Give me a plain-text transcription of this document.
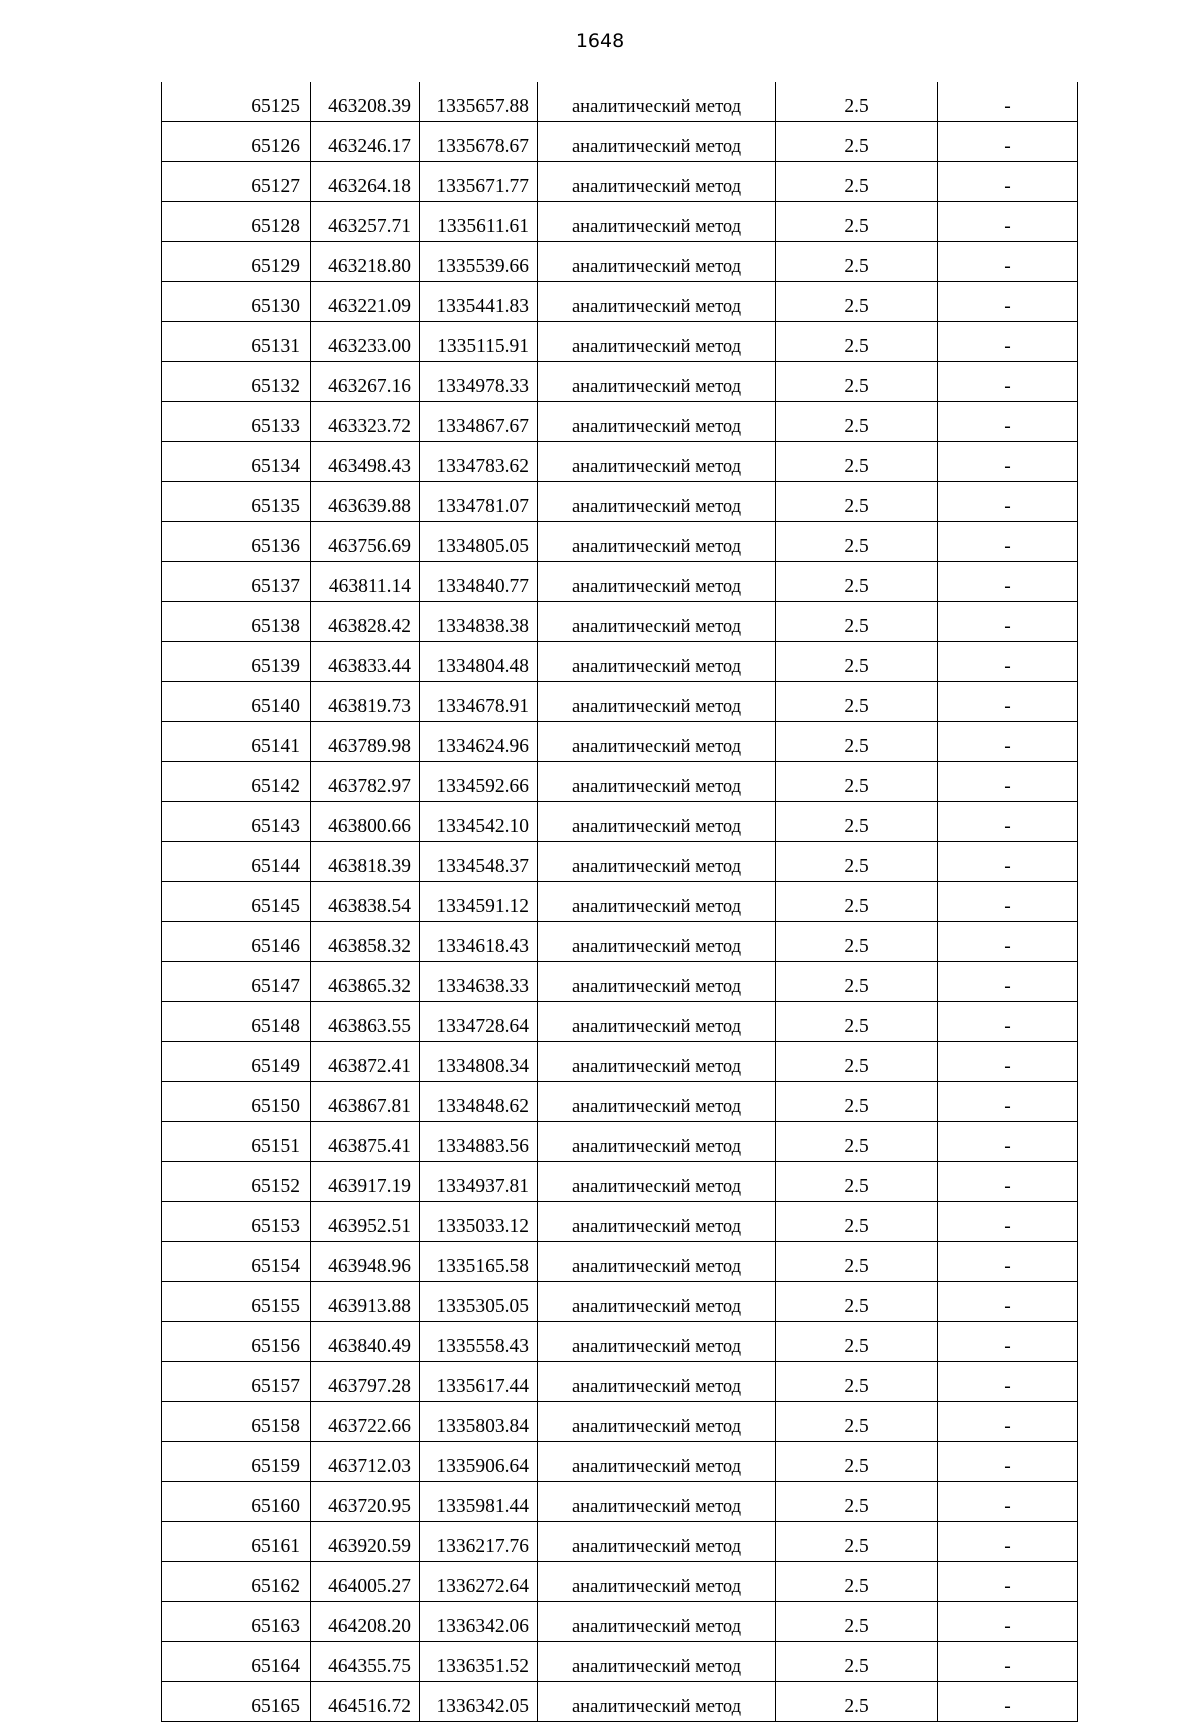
1648
65125	463208.39	1335657.88	аналитический метод	2.5	-
65126	463246.17	1335678.67	аналитический метод	2.5	-
65127	463264.18	1335671.77	аналитический метод	2.5	-
65128	463257.71	1335611.61	аналитический метод	2.5	-
65129	463218.80	1335539.66	аналитический метод	2.5	-
65130	463221.09	1335441.83	аналитический метод	2.5	-
65131	463233.00	1335115.91	аналитический метод	2.5	-
65132	463267.16	1334978.33	аналитический метод	2.5	-
65133	463323.72	1334867.67	аналитический метод	2.5	-
65134	463498.43	1334783.62	аналитический метод	2.5	-
65135	463639.88	1334781.07	аналитический метод	2.5	-
65136	463756.69	1334805.05	аналитический метод	2.5	-
65137	463811.14	1334840.77	аналитический метод	2.5	-
65138	463828.42	1334838.38	аналитический метод	2.5	-
65139	463833.44	1334804.48	аналитический метод	2.5	-
65140	463819.73	1334678.91	аналитический метод	2.5	-
65141	463789.98	1334624.96	аналитический метод	2.5	-
65142	463782.97	1334592.66	аналитический метод	2.5	-
65143	463800.66	1334542.10	аналитический метод	2.5	-
65144	463818.39	1334548.37	аналитический метод	2.5	-
65145	463838.54	1334591.12	аналитический метод	2.5	-
65146	463858.32	1334618.43	аналитический метод	2.5	-
65147	463865.32	1334638.33	аналитический метод	2.5	-
65148	463863.55	1334728.64	аналитический метод	2.5	-
65149	463872.41	1334808.34	аналитический метод	2.5	-
65150	463867.81	1334848.62	аналитический метод	2.5	-
65151	463875.41	1334883.56	аналитический метод	2.5	-
65152	463917.19	1334937.81	аналитический метод	2.5	-
65153	463952.51	1335033.12	аналитический метод	2.5	-
65154	463948.96	1335165.58	аналитический метод	2.5	-
65155	463913.88	1335305.05	аналитический метод	2.5	-
65156	463840.49	1335558.43	аналитический метод	2.5	-
65157	463797.28	1335617.44	аналитический метод	2.5	-
65158	463722.66	1335803.84	аналитический метод	2.5	-
65159	463712.03	1335906.64	аналитический метод	2.5	-
65160	463720.95	1335981.44	аналитический метод	2.5	-
65161	463920.59	1336217.76	аналитический метод	2.5	-
65162	464005.27	1336272.64	аналитический метод	2.5	-
65163	464208.20	1336342.06	аналитический метод	2.5	-
65164	464355.75	1336351.52	аналитический метод	2.5	-
65165	464516.72	1336342.05	аналитический метод	2.5	-
